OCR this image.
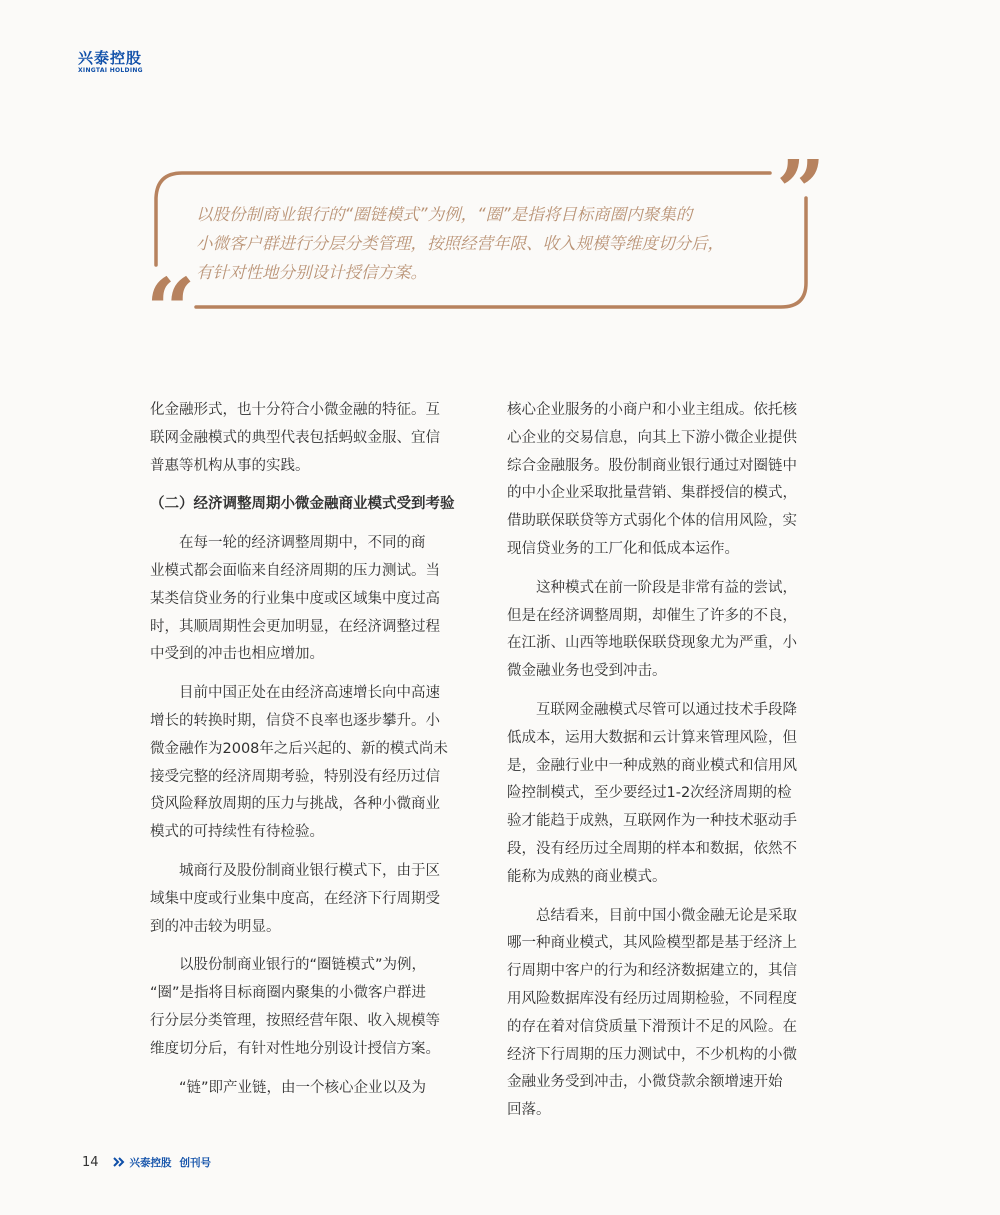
兴泰控股
XINGTAI HOLDING
“
”
以股份制商业银行的“圈链模式”为例，“圈”是指将目标商圈内聚集的
小微客户群进行分层分类管理，按照经营年限、收入规模等维度切分后，
有针对性地分别设计授信方案。
化金融形式，也十分符合小微金融的特征。互
联网金融模式的典型代表包括蚂蚁金服、宜信
普惠等机构从事的实践。
（二）经济调整周期小微金融商业模式受到考验
　　在每一轮的经济调整周期中，不同的商
业模式都会面临来自经济周期的压力测试。当
某类信贷业务的行业集中度或区域集中度过高
时，其顺周期性会更加明显，在经济调整过程
中受到的冲击也相应增加。
　　目前中国正处在由经济高速增长向中高速
增长的转换时期，信贷不良率也逐步攀升。小
微金融作为2008年之后兴起的、新的模式尚未
接受完整的经济周期考验，特别没有经历过信
贷风险释放周期的压力与挑战，各种小微商业
模式的可持续性有待检验。
　　城商行及股份制商业银行模式下，由于区
域集中度或行业集中度高，在经济下行周期受
到的冲击较为明显。
　　以股份制商业银行的“圈链模式”为例，
“圈”是指将目标商圈内聚集的小微客户群进
行分层分类管理，按照经营年限、收入规模等
维度切分后，有针对性地分别设计授信方案。
　　“链”即产业链，由一个核心企业以及为
核心企业服务的小商户和小业主组成。依托核
心企业的交易信息，向其上下游小微企业提供
综合金融服务。股份制商业银行通过对圈链中
的中小企业采取批量营销、集群授信的模式，
借助联保联贷等方式弱化个体的信用风险，实
现信贷业务的工厂化和低成本运作。
　　这种模式在前一阶段是非常有益的尝试，
但是在经济调整周期，却催生了许多的不良，
在江浙、山西等地联保联贷现象尤为严重，小
微金融业务也受到冲击。
　　互联网金融模式尽管可以通过技术手段降
低成本，运用大数据和云计算来管理风险，但
是，金融行业中一种成熟的商业模式和信用风
险控制模式，至少要经过1-2次经济周期的检
验才能趋于成熟，互联网作为一种技术驱动手
段，没有经历过全周期的样本和数据，依然不
能称为成熟的商业模式。
　　总结看来，目前中国小微金融无论是采取
哪一种商业模式，其风险模型都是基于经济上
行周期中客户的行为和经济数据建立的，其信
用风险数据库没有经历过周期检验，不同程度
的存在着对信贷质量下滑预计不足的风险。在
经济下行周期的压力测试中，不少机构的小微
金融业务受到冲击，小微贷款余额增速开始
回落。
14	兴泰控股 创刊号
